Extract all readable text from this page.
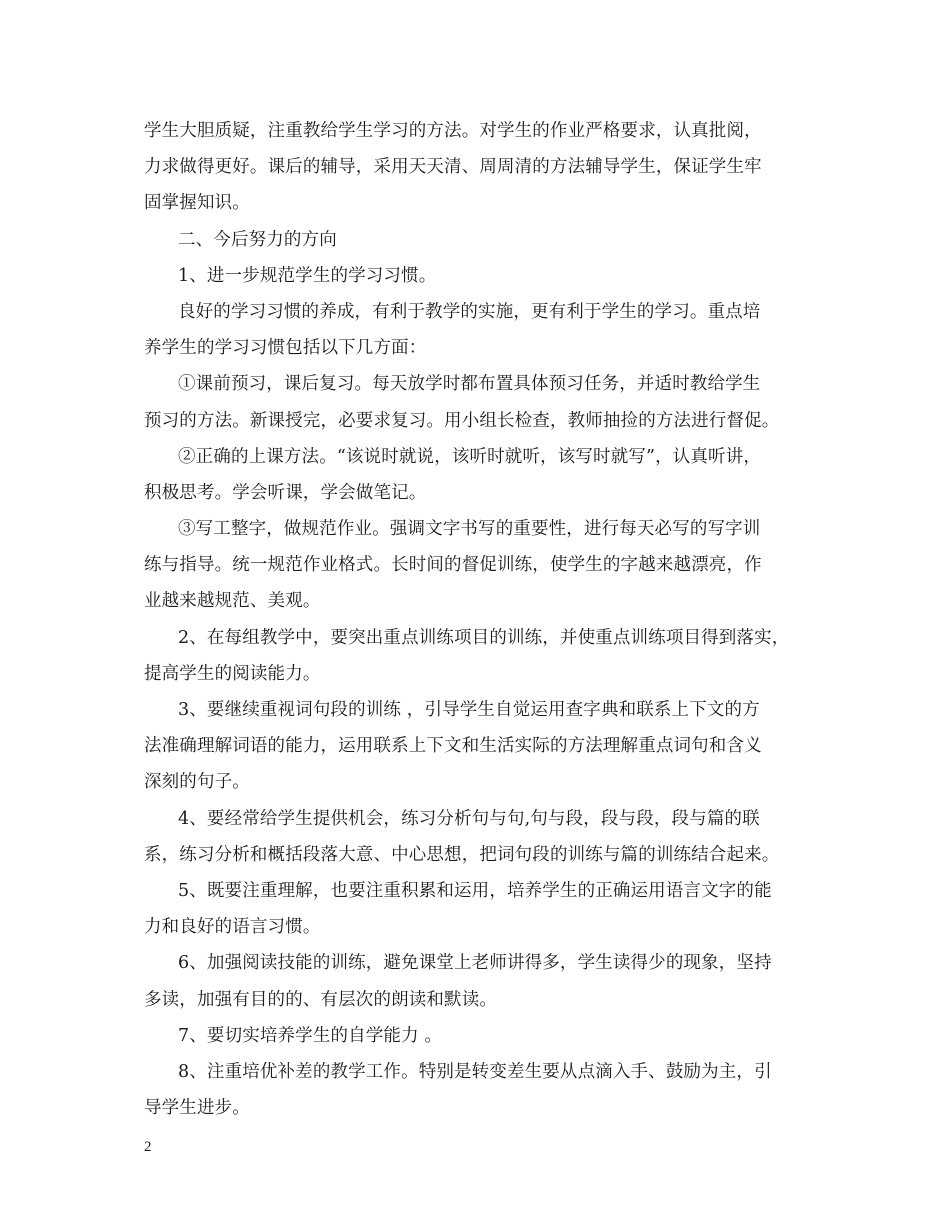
学生大胆质疑，注重教给学生学习的方法。对学生的作业严格要求，认真批阅，
力求做得更好。课后的辅导，采用天天清、周周清的方法辅导学生，保证学生牢
固掌握知识。
二、今后努力的方向
1、进一步规范学生的学习习惯。
良好的学习习惯的养成，有利于教学的实施，更有利于学生的学习。重点培
养学生的学习习惯包括以下几方面：
①课前预习，课后复习。每天放学时都布置具体预习任务，并适时教给学生
预习的方法。新课授完，必要求复习。用小组长检查，教师抽捡的方法进行督促。
②正确的上课方法。“该说时就说，该听时就听，该写时就写”，认真听讲，
积极思考。学会听课，学会做笔记。
③写工整字，做规范作业。强调文字书写的重要性，进行每天必写的写字训
练与指导。统一规范作业格式。长时间的督促训练，使学生的字越来越漂亮，作
业越来越规范、美观。
2、在每组教学中，要突出重点训练项目的训练，并使重点训练项目得到落实，
提高学生的阅读能力。
3、要继续重视词句段的训练 ，引导学生自觉运用查字典和联系上下文的方
法准确理解词语的能力，运用联系上下文和生活实际的方法理解重点词句和含义
深刻的句子。
4、要经常给学生提供机会，练习分析句与句,句与段，段与段，段与篇的联
系，练习分析和概括段落大意、中心思想，把词句段的训练与篇的训练结合起来。
5、既要注重理解，也要注重积累和运用，培养学生的正确运用语言文字的能
力和良好的语言习惯。
6、加强阅读技能的训练，避免课堂上老师讲得多，学生读得少的现象，坚持
多读，加强有目的的、有层次的朗读和默读。
7、要切实培养学生的自学能力 。
8、注重培优补差的教学工作。特别是转变差生要从点滴入手、鼓励为主，引
导学生进步。
2
